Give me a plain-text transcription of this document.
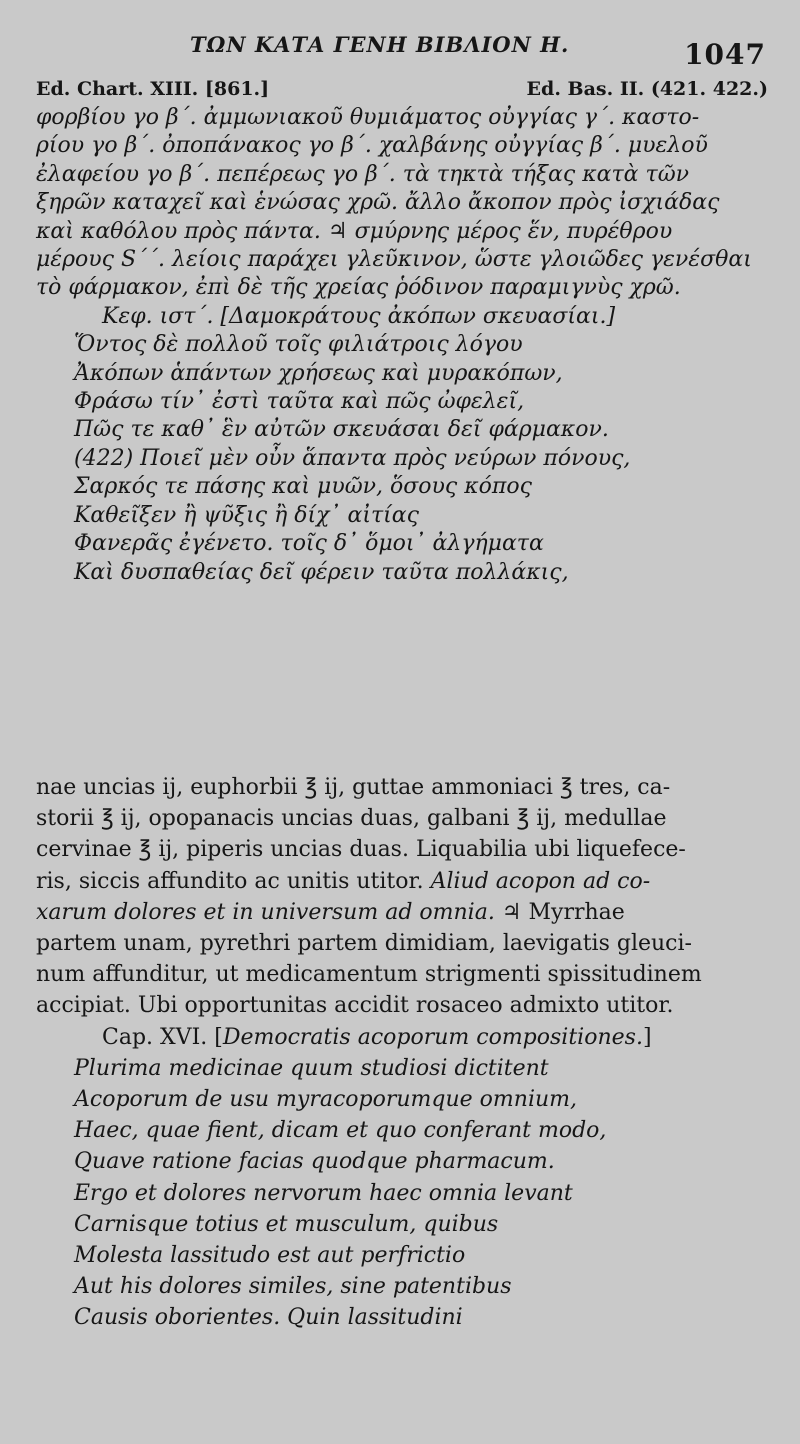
ΤΩΝ ΚΑΤΑ ΓΕΝΗ ΒΙΒΛΙΟΝ Η.	1047
Ed. Chart. XIII. [861.]	Ed. Bas. II. (421. 422.)
φορβίου γο β΄. ἀμμωνιακοῦ θυμιάματος οὐγγίας γ΄. καστο-
ρίου γο β΄. ὀποπάνακος γο β΄. χαλβάνης οὐγγίας β΄. μυελοῦ
ἐλαφείου γο β΄. πεπέρεως γο β΄. τὰ τηκτὰ τήξας κατὰ τῶν
ξηρῶν καταχεῖ καὶ ἑνώσας χρῶ. ἄλλο ἄκοπον πρὸς ἰσχιάδας
καὶ καθόλου πρὸς πάντα. ♃ σμύρνης μέρος ἕν, πυρέθρου
μέρους S΄΄. λείοις παράχει γλεῦκινον, ὥστε γλοιῶδες γενέσθαι
τὸ φάρμακον, ἐπὶ δὲ τῆς χρείας ῥόδινον παραμιγνὺς χρῶ.
Κεφ. ιστ΄. [Δαμοκράτους ἀκόπων σκευασίαι.]
Ὅντος δὲ πολλοῦ τοῖς φιλιάτροις λόγου
Ἀκόπων ἁπάντων χρήσεως καὶ μυρακόπων,
Φράσω τίν᾽ ἐστὶ ταῦτα καὶ πῶς ὠφελεῖ,
Πῶς τε καθ᾽ ἓν αὐτῶν σκευάσαι δεῖ φάρμακον.
(422) Ποιεῖ μὲν οὖν ἅπαντα πρὸς νεύρων πόνους,
Σαρκός τε πάσης καὶ μυῶν, ὅσους κόπος
Καθεῖξεν ἢ ψῦξις ἢ δίχ᾽ αἰτίας
Φανερᾶς ἐγένετο. τοῖς δ᾽ ὅμοι᾽ ἀλγήματα
Καὶ δυσπαθείας δεῖ φέρειν ταῦτα πολλάκις,
nae uncias ij, euphorbii ℥ ij, guttae ammoniaci ℥ tres, ca-
storii ℥ ij, opopanacis uncias duas, galbani ℥ ij, medullae
cervinae ℥ ij, piperis uncias duas. Liquabilia ubi liquefece-
ris, siccis affundito ac unitis utitor. Aliud acopon ad co-
xarum dolores et in universum ad omnia. ♃ Myrrhae
partem unam, pyrethri partem dimidiam, laevigatis gleuci-
num affunditur, ut medicamentum strigmenti spissitudinem
accipiat. Ubi opportunitas accidit rosaceo admixto utitor.
Cap. XVI. [Democratis acoporum compositiones.]
Plurima medicinae quum studiosi dictitent
Acoporum de usu myracoporumque omnium,
Haec, quae fient, dicam et quo conferant modo,
Quave ratione facias quodque pharmacum.
Ergo et dolores nervorum haec omnia levant
Carnisque totius et musculum, quibus
Molesta lassitudo est aut perfrictio
Aut his dolores similes, sine patentibus
Causis oborientes. Quin lassitudini
